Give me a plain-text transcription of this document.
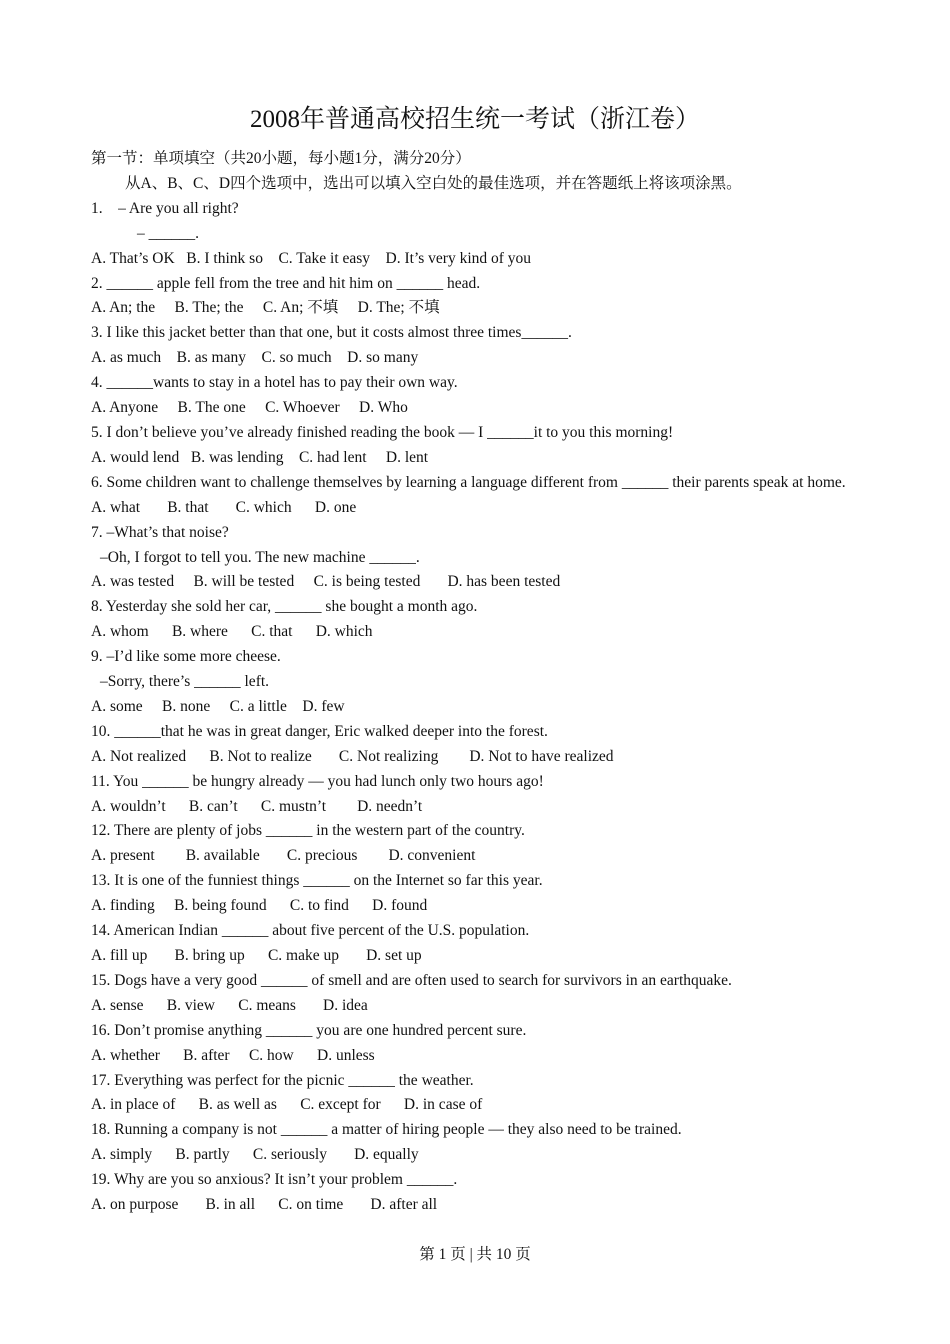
2008年普通高校招生统一考试（浙江卷）
第一节：单项填空（共20小题，每小题1分，满分20分）
从A、B、C、D四个选项中，选出可以填入空白处的最佳选项，并在答题纸上将该项涂黑。
1.    – Are you all right?
– ______.
A. That’s OK   B. I think so    C. Take it easy    D. It’s very kind of you
2. ______ apple fell from the tree and hit him on ______ head.
A. An; the     B. The; the     C. An; 不填     D. The; 不填
3. I like this jacket better than that one, but it costs almost three times______.
A. as much    B. as many    C. so much    D. so many
4. ______wants to stay in a hotel has to pay their own way.
A. Anyone     B. The one     C. Whoever     D. Who
5. I don’t believe you’ve already finished reading the book — I ______it to you this morning!
A. would lend   B. was lending    C. had lent     D. lent
6. Some children want to challenge themselves by learning a language different from ______ their parents speak at home.
A. what       B. that       C. which      D. one
7. –What’s that noise?
–Oh, I forgot to tell you. The new machine ______.
A. was tested     B. will be tested     C. is being tested       D. has been tested
8. Yesterday she sold her car, ______ she bought a month ago.
A. whom      B. where      C. that      D. which
9. –I’d like some more cheese.
–Sorry, there’s ______ left.
A. some     B. none     C. a little    D. few
10. ______that he was in great danger, Eric walked deeper into the forest.
A. Not realized      B. Not to realize       C. Not realizing        D. Not to have realized
11. You ______ be hungry already — you had lunch only two hours ago!
A. wouldn’t      B. can’t      C. mustn’t        D. needn’t
12. There are plenty of jobs ______ in the western part of the country.
A. present        B. available       C. precious        D. convenient
13. It is one of the funniest things ______ on the Internet so far this year.
A. finding     B. being found      C. to find      D. found
14. American Indian ______ about five percent of the U.S. population.
A. fill up       B. bring up      C. make up       D. set up
15. Dogs have a very good ______ of smell and are often used to search for survivors in an earthquake.
A. sense      B. view      C. means       D. idea
16. Don’t promise anything ______ you are one hundred percent sure.
A. whether      B. after     C. how      D. unless
17. Everything was perfect for the picnic ______ the weather.
A. in place of      B. as well as      C. except for      D. in case of
18. Running a company is not ______ a matter of hiring people — they also need to be trained.
A. simply      B. partly      C. seriously       D. equally
19. Why are you so anxious? It isn’t your problem ______.
A. on purpose       B. in all      C. on time       D. after all
第 1 页 | 共 10 页
